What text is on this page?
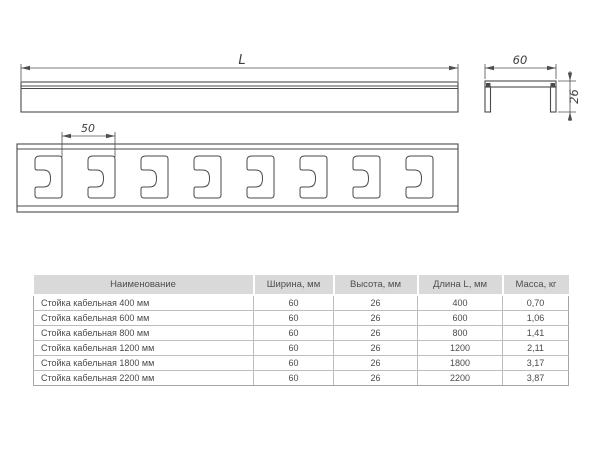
L	60
26
50
Наименование	Ширина, мм	Высота, мм	Длина L, мм	Масса, кг
Стойка кабельная 400 мм	60	26	400	0,70
Стойка кабельная 600 мм	60	26	600	1,06
Стойка кабельная 800 мм	60	26	800	1,41
Стойка кабельная 1200 мм	60	26	1200	2,11
Стойка кабельная 1800 мм	60	26	1800	3,17
Стойка кабельная 2200 мм	60	26	2200	3,87
